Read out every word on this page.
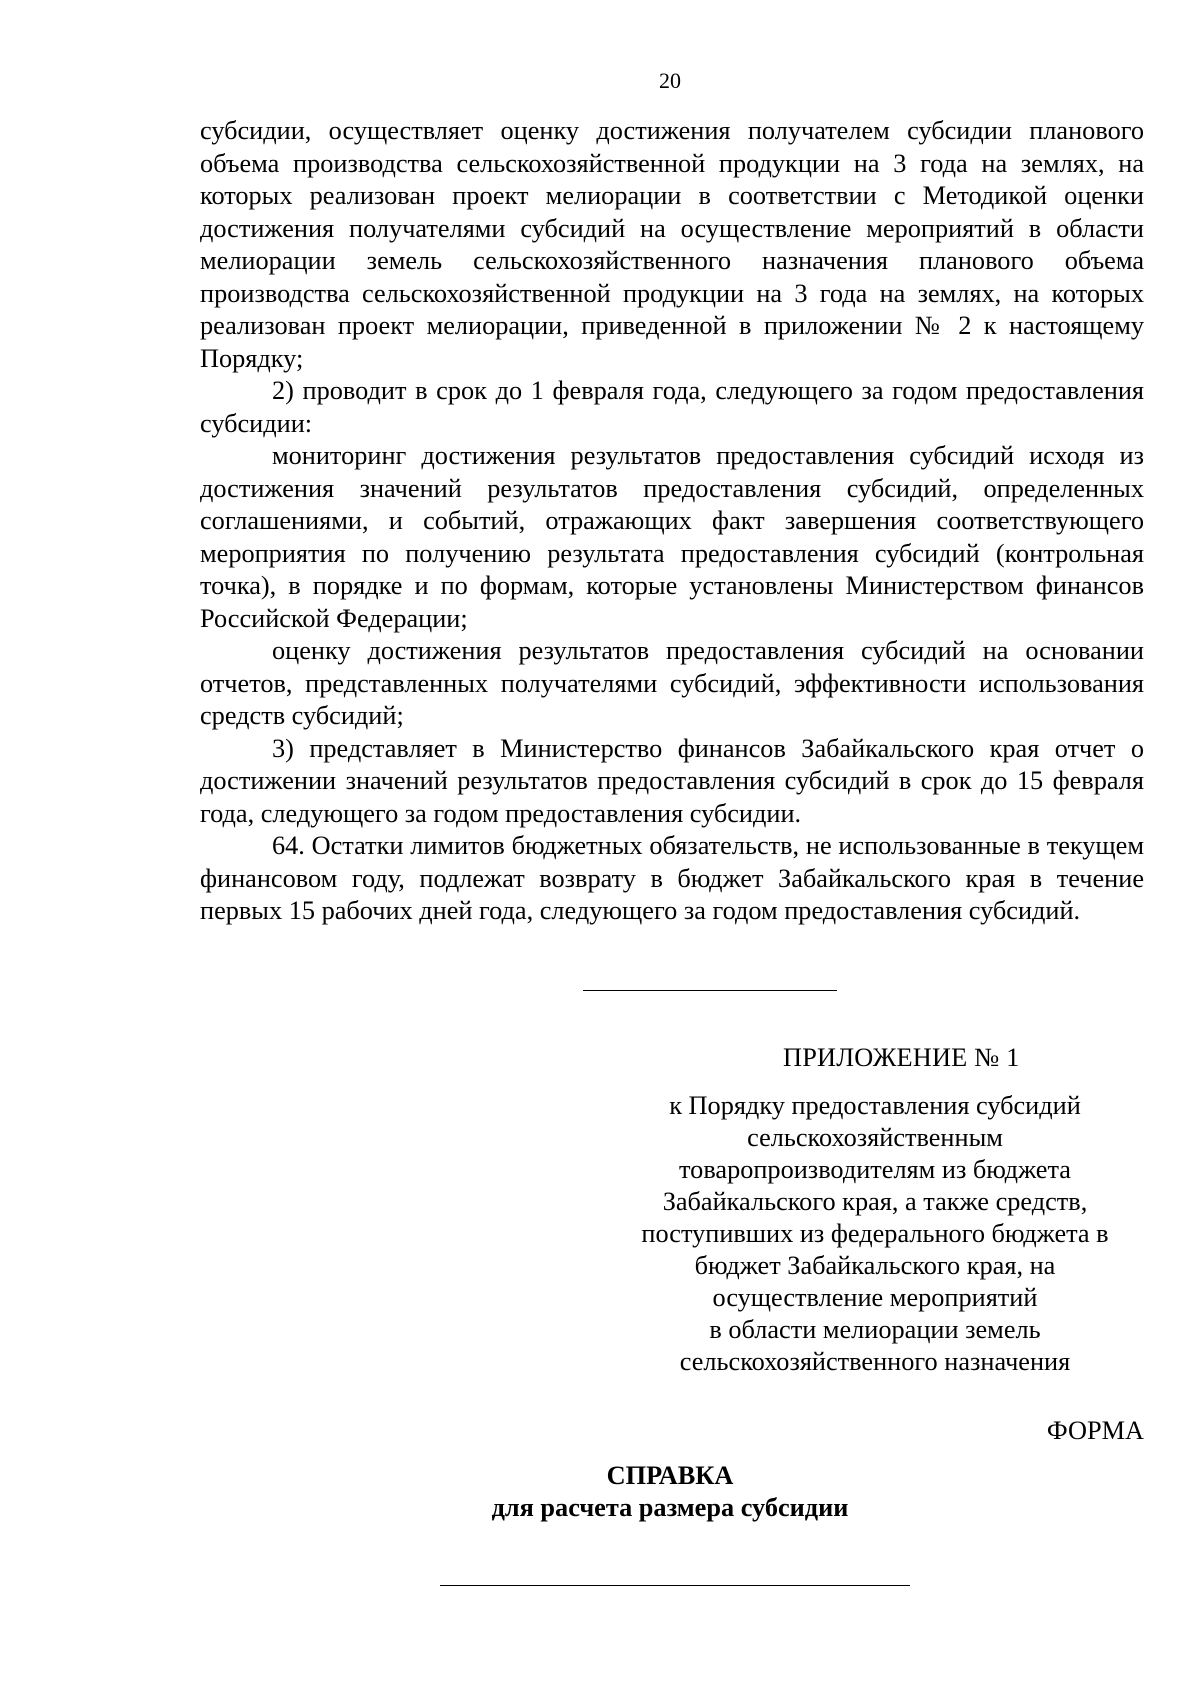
20

субсидии, осуществляет оценку достижения получателем субсидии планового объема производства сельскохозяйственной продукции на 3 года на землях, на которых реализован проект мелиорации в соответствии с Методикой оценки достижения получателями субсидий на осуществление мероприятий в области мелиорации земель сельскохозяйственного назначения планового объема производства сельскохозяйственной продукции на 3 года на землях, на которых реализован проект мелиорации, приведенной в приложении № 2 к настоящему Порядку;

2) проводит в срок до 1 февраля года, следующего за годом предоставления субсидии:

мониторинг достижения результатов предоставления субсидий исходя из достижения значений результатов предоставления субсидий, определенных соглашениями, и событий, отражающих факт завершения соответствующего мероприятия по получению результата предоставления субсидий (контрольная точка), в порядке и по формам, которые установлены Министерством финансов Российской Федерации;

оценку достижения результатов предоставления субсидий на основании отчетов, представленных получателями субсидий, эффективности использования средств субсидий;

3) представляет в Министерство финансов Забайкальского края отчет о достижении значений результатов предоставления субсидий в срок до 15 февраля года, следующего за годом предоставления субсидии.

64. Остатки лимитов бюджетных обязательств, не использованные в текущем финансовом году, подлежат возврату в бюджет Забайкальского края в течение первых 15 рабочих дней года, следующего за годом предоставления субсидий.

ПРИЛОЖЕНИЕ № 1
к Порядку предоставления субсидий
сельскохозяйственным
товаропроизводителям из бюджета
Забайкальского края, а также средств,
поступивших из федерального бюджета в
бюджет Забайкальского края, на
осуществление мероприятий
в области мелиорации земель
сельскохозяйственного назначения
ФОРМА
СПРАВКА
для расчета размера субсидии
